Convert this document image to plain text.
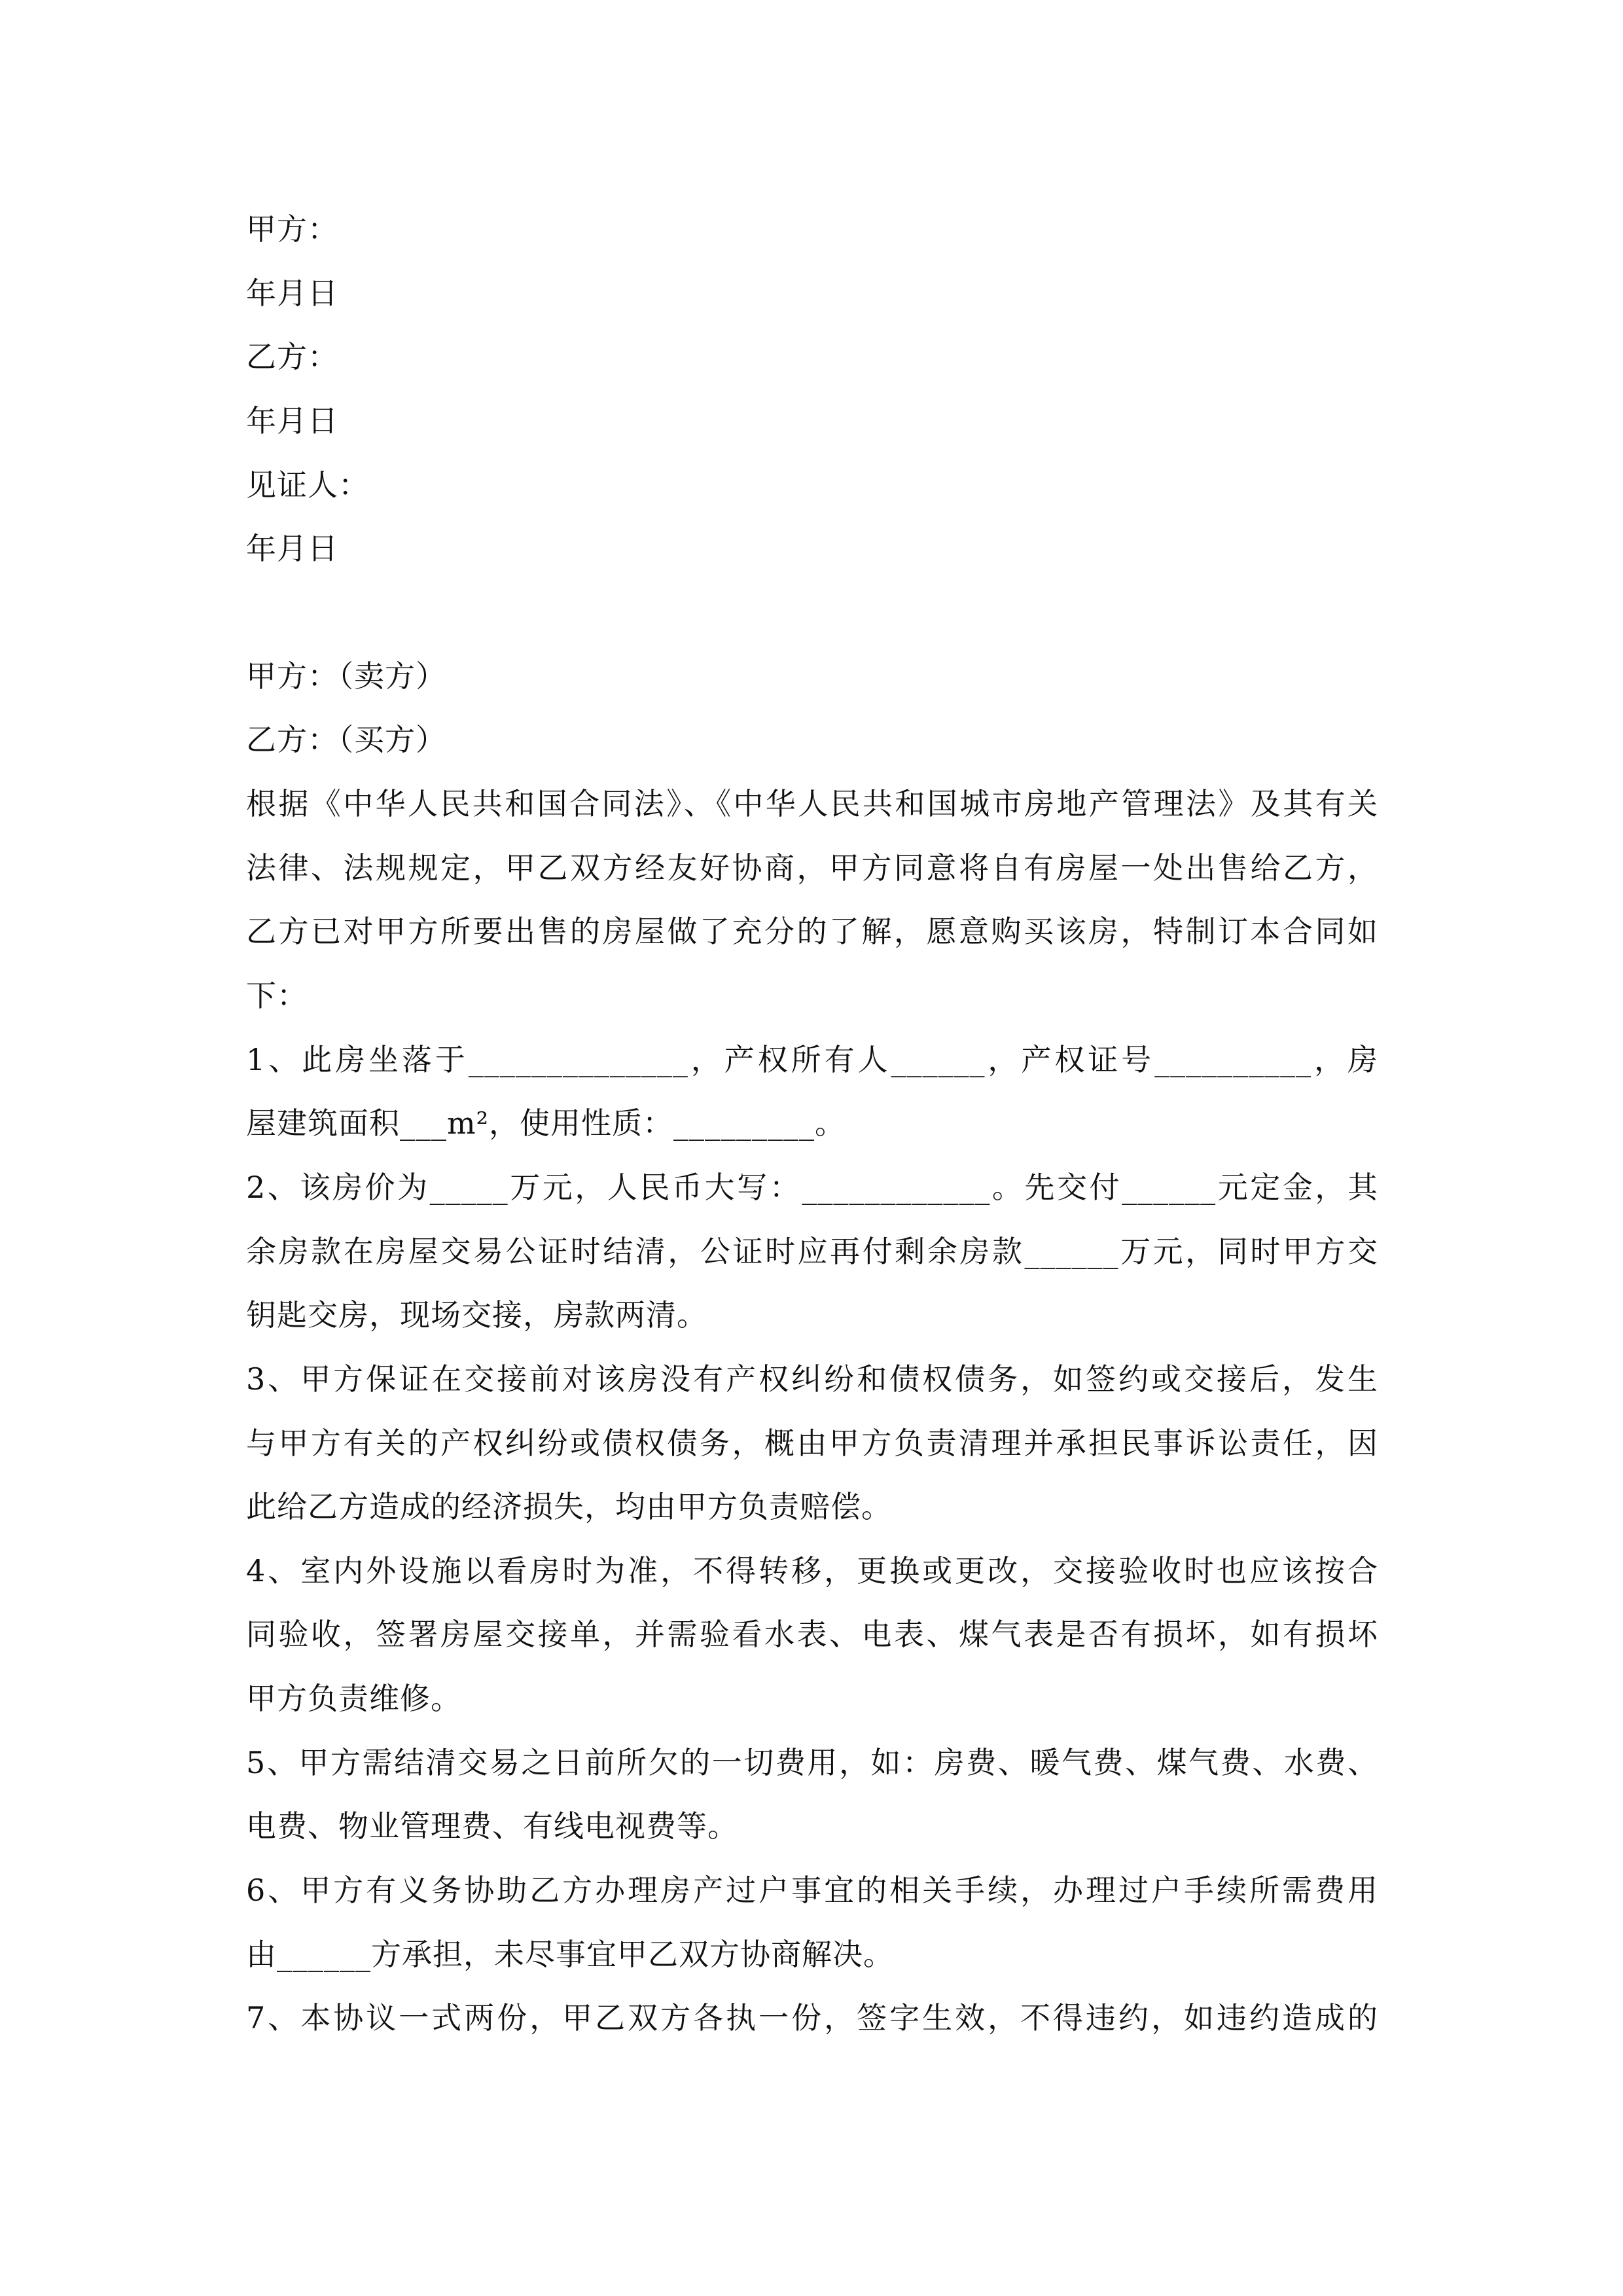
甲方：
年月日
乙方：
年月日
见证人：
年月日
甲方：（卖方）
乙方：（买方）
根据《中华人民共和国合同法》、《中华人民共和国城市房地产管理法》及其有关
法律、法规规定，甲乙双方经友好协商，甲方同意将自有房屋一处出售给乙方，
乙方已对甲方所要出售的房屋做了充分的了解，愿意购买该房，特制订本合同如
下：
1、此房坐落于______________，产权所有人______，产权证号__________，房
屋建筑面积___m²，使用性质：_________。
2、该房价为_____万元，人民币大写：____________。先交付______元定金，其
余房款在房屋交易公证时结清，公证时应再付剩余房款______万元，同时甲方交
钥匙交房，现场交接，房款两清。
3、甲方保证在交接前对该房没有产权纠纷和债权债务，如签约或交接后，发生
与甲方有关的产权纠纷或债权债务，概由甲方负责清理并承担民事诉讼责任，因
此给乙方造成的经济损失，均由甲方负责赔偿。
4、室内外设施以看房时为准，不得转移，更换或更改，交接验收时也应该按合
同验收，签署房屋交接单，并需验看水表、电表、煤气表是否有损坏，如有损坏
甲方负责维修。
5、甲方需结清交易之日前所欠的一切费用，如：房费、暖气费、煤气费、水费、
电费、物业管理费、有线电视费等。
6、甲方有义务协助乙方办理房产过户事宜的相关手续，办理过户手续所需费用
由______方承担，未尽事宜甲乙双方协商解决。
7、本协议一式两份，甲乙双方各执一份，签字生效，不得违约，如违约造成的
